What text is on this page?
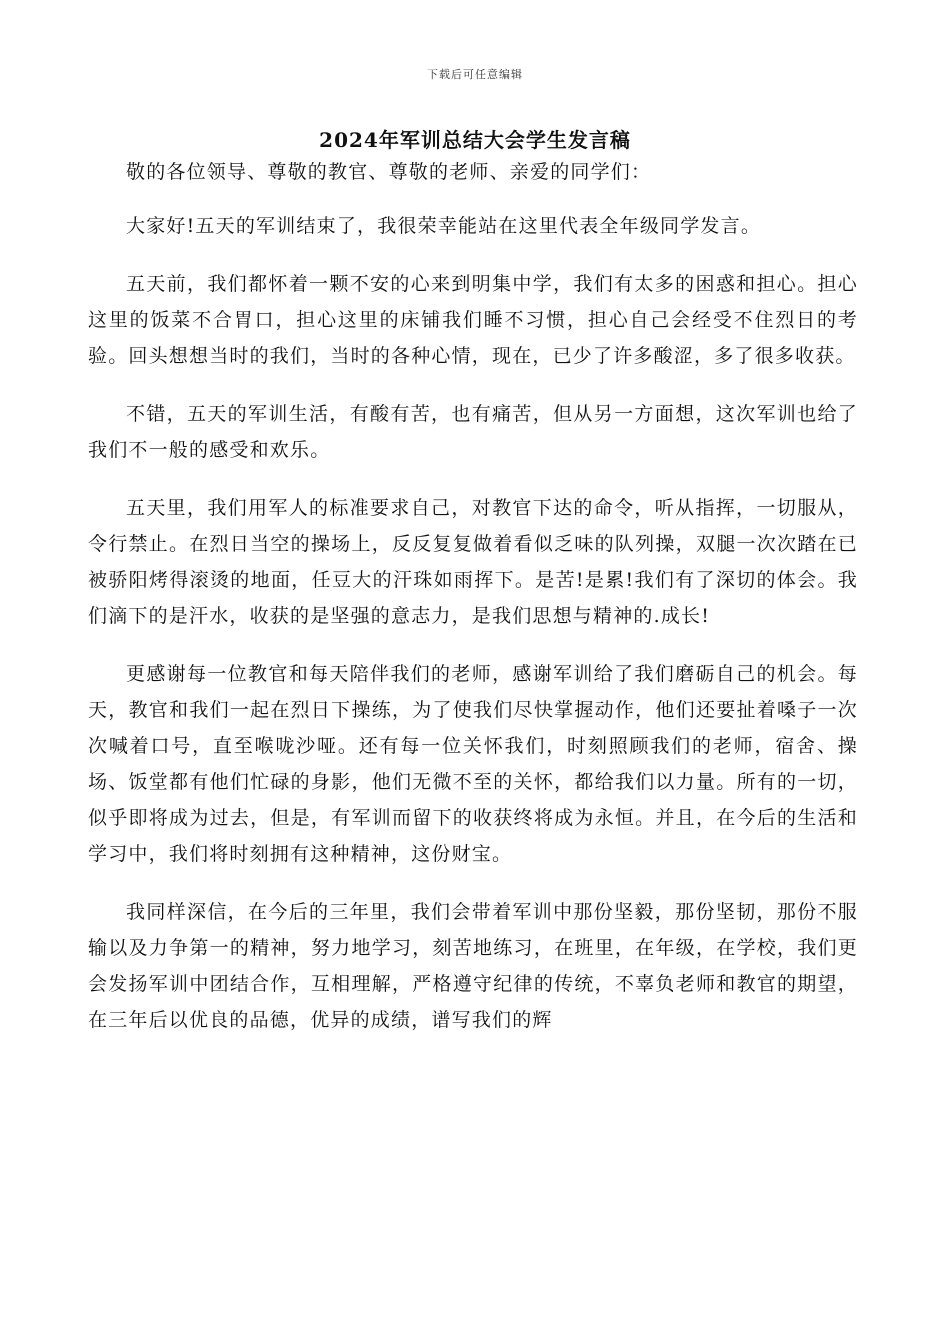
下载后可任意编辑
2024年军训总结大会学生发言稿

敬的各位领导、尊敬的教官、尊敬的老师、亲爱的同学们：

大家好!五天的军训结束了，我很荣幸能站在这里代表全年级同学发言。

五天前，我们都怀着一颗不安的心来到明集中学，我们有太多的困惑和担心。担心这里的饭菜不合胃口，担心这里的床铺我们睡不习惯，担心自己会经受不住烈日的考验。回头想想当时的我们，当时的各种心情，现在，已少了许多酸涩，多了很多收获。

不错，五天的军训生活，有酸有苦，也有痛苦，但从另一方面想，这次军训也给了我们不一般的感受和欢乐。

五天里，我们用军人的标准要求自己，对教官下达的命令，听从指挥，一切服从，令行禁止。在烈日当空的操场上，反反复复做着看似乏味的队列操，双腿一次次踏在已被骄阳烤得滚烫的地面，任豆大的汗珠如雨挥下。是苦!是累!我们有了深切的体会。我们滴下的是汗水，收获的是坚强的意志力，是我们思想与精神的.成长!

更感谢每一位教官和每天陪伴我们的老师，感谢军训给了我们磨砺自己的机会。每天，教官和我们一起在烈日下操练，为了使我们尽快掌握动作，他们还要扯着嗓子一次次喊着口号，直至喉咙沙哑。还有每一位关怀我们，时刻照顾我们的老师，宿舍、操场、饭堂都有他们忙碌的身影，他们无微不至的关怀，都给我们以力量。所有的一切，似乎即将成为过去，但是，有军训而留下的收获终将成为永恒。并且，在今后的生活和学习中，我们将时刻拥有这种精神，这份财宝。

我同样深信，在今后的三年里，我们会带着军训中那份坚毅，那份坚韧，那份不服输以及力争第一的精神，努力地学习，刻苦地练习，在班里，在年级，在学校，我们更会发扬军训中团结合作，互相理解，严格遵守纪律的传统，不辜负老师和教官的期望，在三年后以优良的品德，优异的成绩，谱写我们的辉
